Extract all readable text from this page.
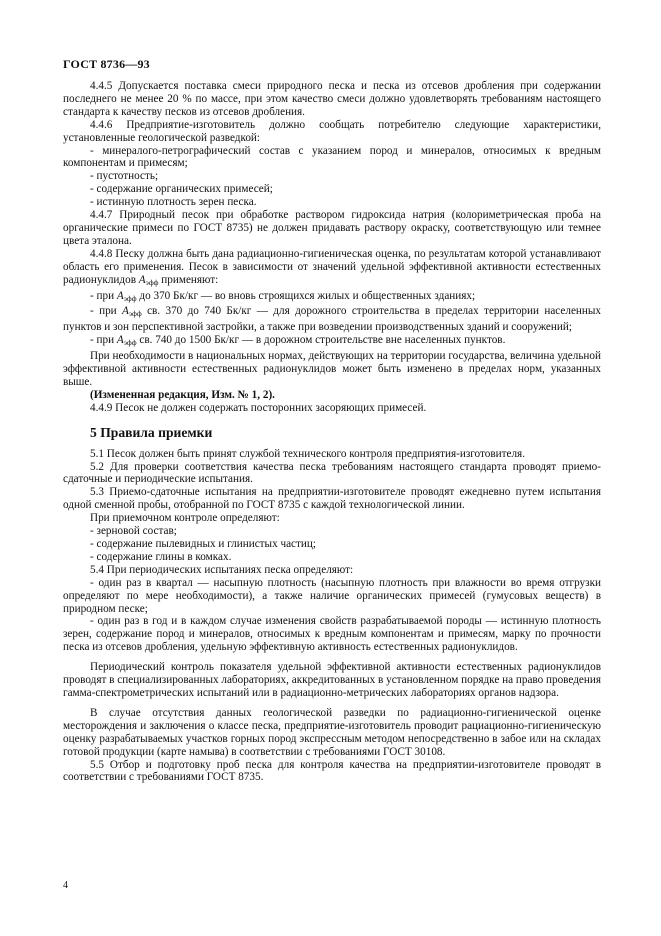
ГОСТ 8736—93

4.4.5 Допускается поставка смеси природного песка и песка из отсевов дробления при содержании последнего не менее 20 % по массе, при этом качество смеси должно удовлетворять требованиям настоящего стандарта к качеству песков из отсевов дробления.

4.4.6 Предприятие-изготовитель должно сообщать потребителю следующие характеристики, установленные геологической разведкой:

- минералого-петрографический состав с указанием пород и минералов, относимых к вредным компонентам и примесям;

- пустотность;

- содержание органических примесей;

- истинную плотность зерен песка.

4.4.7 Природный песок при обработке раствором гидроксида натрия (колориметрическая проба на органические примеси по ГОСТ 8735) не должен придавать раствору окраску, соответствующую или темнее цвета эталона.

4.4.8 Песку должна быть дана радиационно-гигиеническая оценка, по результатам которой устанавливают область его применения. Песок в зависимости от значений удельной эффективной активности естественных радионуклидов $А_{эфф}$ применяют:

- при $А_{эфф}$ до 370 Бк/кг — во вновь строящихся жилых и общественных зданиях;

- при $А_{эфф}$ св. 370 до 740 Бк/кг — для дорожного строительства в пределах территории населенных пунктов и зон перспективной застройки, а также при возведении производственных зданий и сооружений;

- при $А_{эфф}$ св. 740 до 1500 Бк/кг — в дорожном строительстве вне населенных пунктов.

При необходимости в национальных нормах, действующих на территории государства, величина удельной эффективной активности естественных радионуклидов может быть изменено в пределах норм, указанных выше.

(Измененная редакция, Изм. № 1, 2).

4.4.9 Песок не должен содержать посторонних засоряющих примесей.

5 Правила приемки

5.1 Песок должен быть принят службой технического контроля предприятия-изготовителя.

5.2 Для проверки соответствия качества песка требованиям настоящего стандарта проводят приемо-сдаточные и периодические испытания.

5.3 Приемо-сдаточные испытания на предприятии-изготовителе проводят ежедневно путем испытания одной сменной пробы, отобранной по ГОСТ 8735 с каждой технологической линии.

При приемочном контроле определяют:

- зерновой состав;

- содержание пылевидных и глинистых частиц;

- содержание глины в комках.

5.4 При периодических испытаниях песка определяют:

- один раз в квартал — насыпную плотность (насыпную плотность при влажности во время отгрузки определяют по мере необходимости), а также наличие органических примесей (гумусовых веществ) в природном песке;

- один раз в год и в каждом случае изменения свойств разрабатываемой породы — истинную плотность зерен, содержание пород и минералов, относимых к вредным компонентам и примесям, марку по прочности песка из отсевов дробления, удельную эффективную активность естественных радионуклидов.

Периодический контроль показателя удельной эффективной активности естественных радионуклидов проводят в специализированных лабораториях, аккредитованных в установленном порядке на право проведения гамма-спектрометрических испытаний или в радиационно-метрических лабораториях органов надзора.

В случае отсутствия данных геологической разведки по радиационно-гигиенической оценке месторождения и заключения о классе песка, предприятие-изготовитель проводит рациационно-гигиеническую оценку разрабатываемых участков горных пород экспрессным методом непосредственно в забое или на складах готовой продукции (карте намыва) в соответствии с требованиями ГОСТ 30108.

5.5 Отбор и подготовку проб песка для контроля качества на предприятии-изготовителе проводят в соответствии с требованиями ГОСТ 8735.

4
